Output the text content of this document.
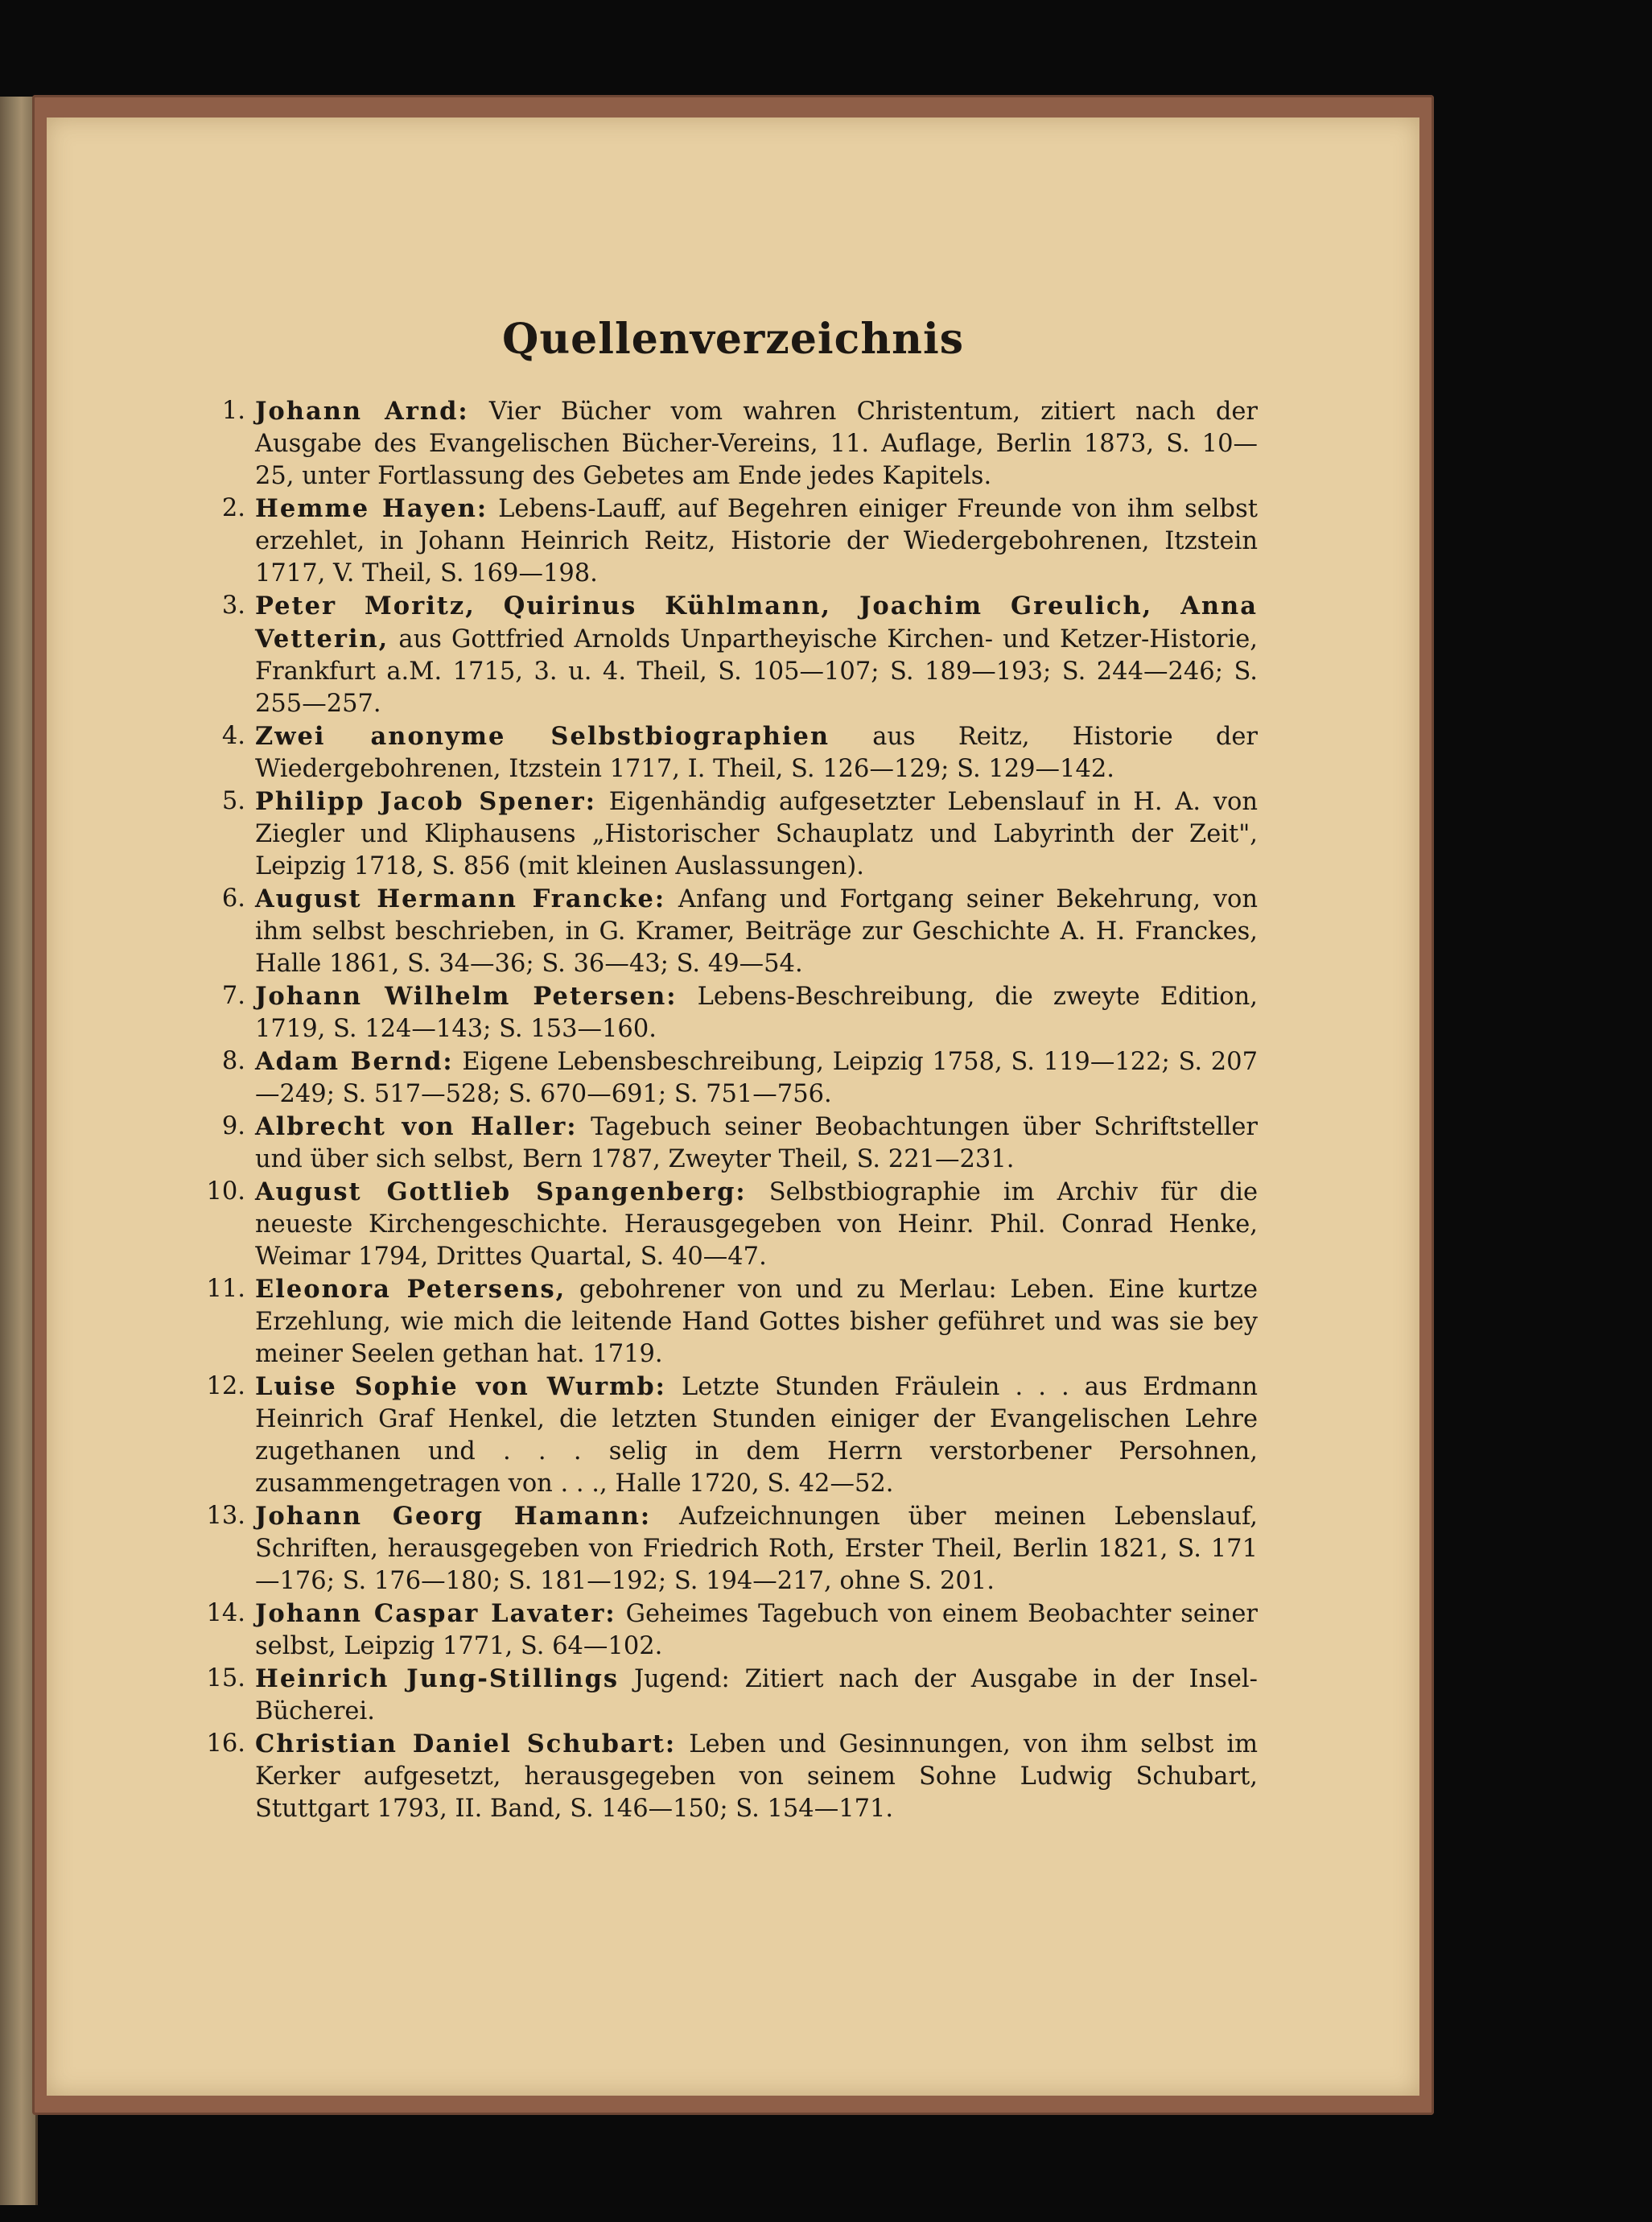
Quellenverzeichnis
1. Johann Arnd: Vier Bücher vom wahren Christentum, zitiert nach der Ausgabe des Evangelischen Bücher-Vereins, 11. Auflage, Berlin 1873, S. 10—25, unter Fortlassung des Gebetes am Ende jedes Kapitels.
2. Hemme Hayen: Lebens-Lauff, auf Begehren einiger Freunde von ihm selbst erzehlet, in Johann Heinrich Reitz, Historie der Wiedergebohrenen, Itzstein 1717, V. Theil, S. 169—198.
3. Peter Moritz, Quirinus Kühlmann, Joachim Greulich, Anna Vetterin, aus Gottfried Arnolds Unpartheyische Kirchen- und Ketzer-Historie, Frankfurt a.M. 1715, 3. u. 4. Theil, S. 105—107; S. 189—193; S. 244—246; S. 255—257.
4. Zwei anonyme Selbstbiographien aus Reitz, Historie der Wiedergebohrenen, Itzstein 1717, I. Theil, S. 126—129; S. 129—142.
5. Philipp Jacob Spener: Eigenhändig aufgesetzter Lebenslauf in H. A. von Ziegler und Kliphausens „Historischer Schauplatz und Labyrinth der Zeit", Leipzig 1718, S. 856 (mit kleinen Auslassungen).
6. August Hermann Francke: Anfang und Fortgang seiner Bekehrung, von ihm selbst beschrieben, in G. Kramer, Beiträge zur Geschichte A. H. Franckes, Halle 1861, S. 34—36; S. 36—43; S. 49—54.
7. Johann Wilhelm Petersen: Lebens-Beschreibung, die zweyte Edition, 1719, S. 124—143; S. 153—160.
8. Adam Bernd: Eigene Lebensbeschreibung, Leipzig 1758, S. 119—122; S. 207—249; S. 517—528; S. 670—691; S. 751—756.
9. Albrecht von Haller: Tagebuch seiner Beobachtungen über Schriftsteller und über sich selbst, Bern 1787, Zweyter Theil, S. 221—231.
10. August Gottlieb Spangenberg: Selbstbiographie im Archiv für die neueste Kirchengeschichte. Herausgegeben von Heinr. Phil. Conrad Henke, Weimar 1794, Drittes Quartal, S. 40—47.
11. Eleonora Petersens, gebohrener von und zu Merlau: Leben. Eine kurtze Erzehlung, wie mich die leitende Hand Gottes bisher geführet und was sie bey meiner Seelen gethan hat. 1719.
12. Luise Sophie von Wurmb: Letzte Stunden Fräulein . . . aus Erdmann Heinrich Graf Henkel, die letzten Stunden einiger der Evangelischen Lehre zugethanen und . . . selig in dem Herrn verstorbener Persohnen, zusammengetragen von . . ., Halle 1720, S. 42—52.
13. Johann Georg Hamann: Aufzeichnungen über meinen Lebenslauf, Schriften, herausgegeben von Friedrich Roth, Erster Theil, Berlin 1821, S. 171—176; S. 176—180; S. 181—192; S. 194—217, ohne S. 201.
14. Johann Caspar Lavater: Geheimes Tagebuch von einem Beobachter seiner selbst, Leipzig 1771, S. 64—102.
15. Heinrich Jung-Stillings Jugend: Zitiert nach der Ausgabe in der Insel-Bücherei.
16. Christian Daniel Schubart: Leben und Gesinnungen, von ihm selbst im Kerker aufgesetzt, herausgegeben von seinem Sohne Ludwig Schubart, Stuttgart 1793, II. Band, S. 146—150; S. 154—171.
